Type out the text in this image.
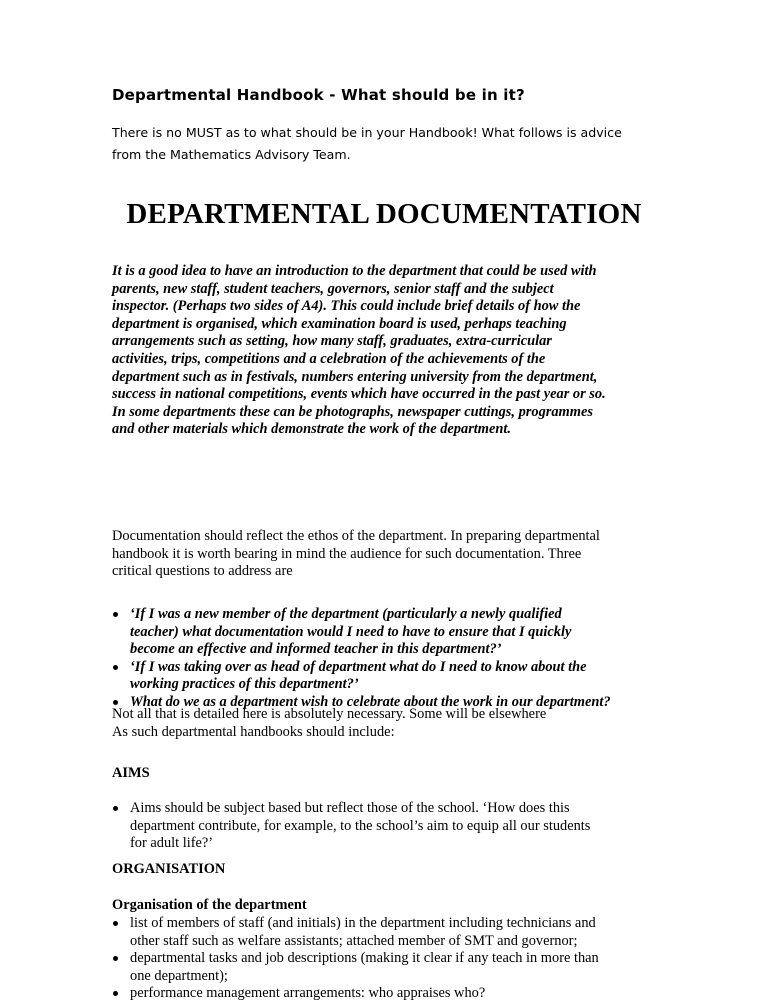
Departmental Handbook - What should be in it?
There is no MUST as to what should be in your Handbook! What follows is advice
from the Mathematics Advisory Team.
DEPARTMENTAL DOCUMENTATION
It is a good idea to have an introduction to the department that could be used with
parents, new staff, student teachers, governors, senior staff and the subject
inspector. (Perhaps two sides of A4). This could include brief details of how the
department is organised, which examination board is used, perhaps teaching
arrangements such as setting, how many staff, graduates, extra-curricular
activities, trips, competitions and a celebration of the achievements of the
department such as in festivals, numbers entering university from the department,
success in national competitions, events which have occurred in the past year or so.
In some departments these can be photographs, newspaper cuttings, programmes
and other materials which demonstrate the work of the department.
Documentation should reflect the ethos of the department. In preparing departmental
handbook it is worth bearing in mind the audience for such documentation. Three
critical questions to address are
‘If I was a new member of the department (particularly a newly qualified
teacher) what documentation would I need to have to ensure that I quickly
become an effective and informed teacher in this department?’
‘If I was taking over as head of department what do I need to know about the
working practices of this department?’
What do we as a department wish to celebrate about the work in our department?
Not all that is detailed here is absolutely necessary. Some will be elsewhere
As such departmental handbooks should include:
AIMS
Aims should be subject based but reflect those of the school. ‘How does this
department contribute, for example, to the school’s aim to equip all our students
for adult life?’
ORGANISATION
Organisation of the department
list of members of staff (and initials) in the department including technicians and
other staff such as welfare assistants; attached member of SMT and governor;
departmental tasks and job descriptions (making it clear if any teach in more than
one department);
performance management arrangements: who appraises who?
